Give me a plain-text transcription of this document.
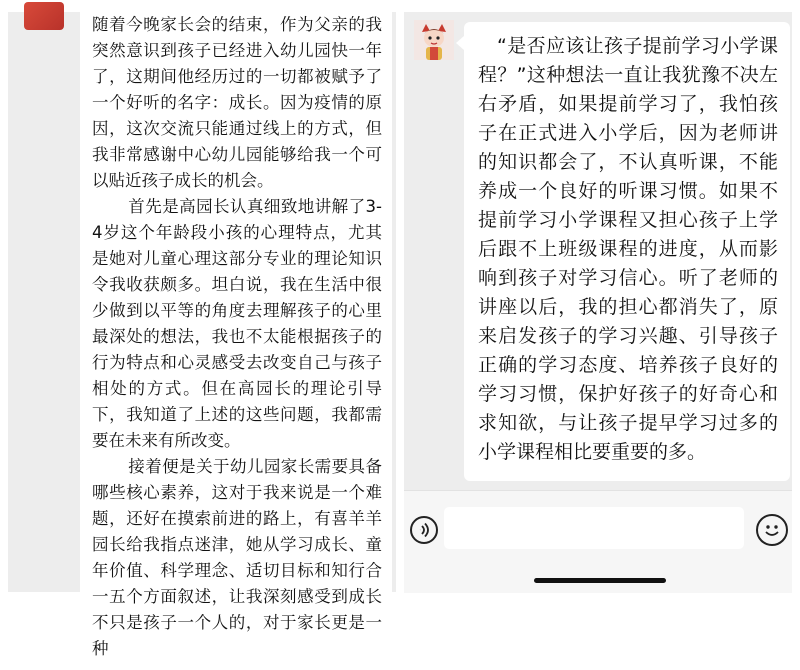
随着今晚家长会的结束，作为父亲的我突然意识到孩子已经进入幼儿园快一年了，这期间他经历过的一切都被赋予了一个好听的名字：成长。因为疫情的原因，这次交流只能通过线上的方式，但我非常感谢中心幼儿园能够给我一个可以贴近孩子成长的机会。

首先是高园长认真细致地讲解了3-4岁这个年龄段小孩的心理特点，尤其是她对儿童心理这部分专业的理论知识令我收获颇多。坦白说，我在生活中很少做到以平等的角度去理解孩子的心里最深处的想法，我也不太能根据孩子的行为特点和心灵感受去改变自己与孩子相处的方式。但在高园长的理论引导下，我知道了上述的这些问题，我都需要在未来有所改变。

接着便是关于幼儿园家长需要具备哪些核心素养，这对于我来说是一个难题，还好在摸索前进的路上，有喜羊羊园长给我指点迷津，她从学习成长、童年价值、科学理念、适切目标和知行合一五个方面叙述，让我深刻感受到成长不只是孩子一个人的，对于家长更是一种

“是否应该让孩子提前学习小学课程？”这种想法一直让我犹豫不决左右矛盾，如果提前学习了，我怕孩子在正式进入小学后，因为老师讲的知识都会了，不认真听课，不能养成一个良好的听课习惯。如果不提前学习小学课程又担心孩子上学后跟不上班级课程的进度，从而影响到孩子对学习信心。听了老师的讲座以后，我的担心都消失了，原来启发孩子的学习兴趣、引导孩子正确的学习态度、培养孩子良好的学习习惯，保护好孩子的好奇心和求知欲，与让孩子提早学习过多的小学课程相比要重要的多。
